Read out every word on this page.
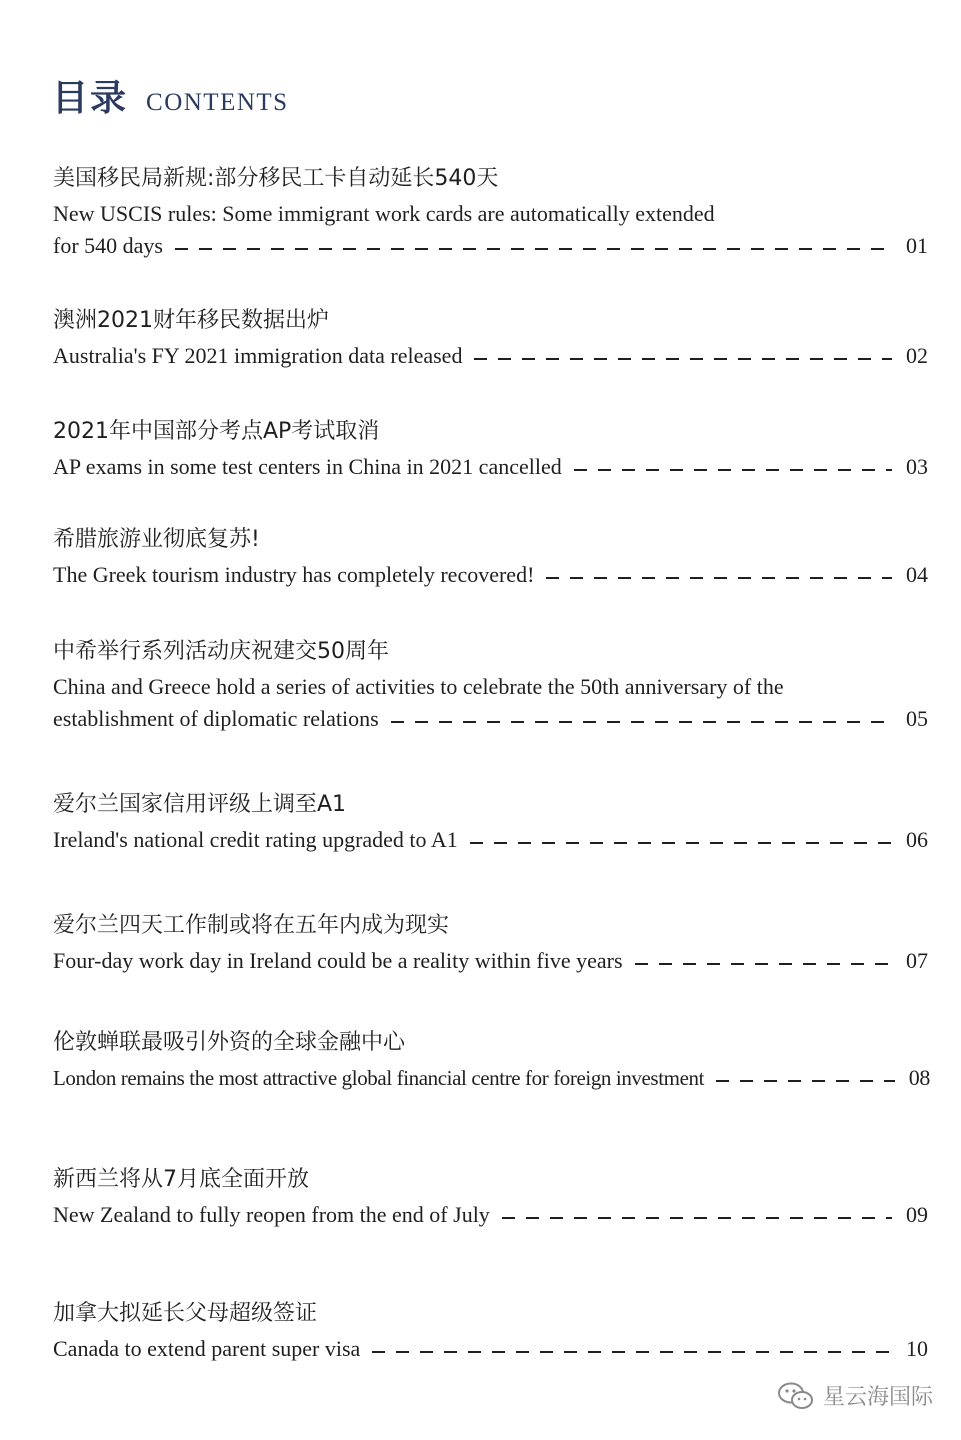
目录 CONTENTS
美国移民局新规:部分移民工卡自动延长540天
New USCIS rules: Some immigrant work cards are automatically extended
for 540 days	01
澳洲2021财年移民数据出炉
Australia's FY 2021 immigration data released	02
2021年中国部分考点AP考试取消
AP exams in some test centers in China in 2021 cancelled	03
希腊旅游业彻底复苏!
The Greek tourism industry has completely recovered!	04
中希举行系列活动庆祝建交50周年
China and Greece hold a series of activities to celebrate the 50th anniversary of the
establishment of diplomatic relations	05
爱尔兰国家信用评级上调至A1
Ireland's national credit rating upgraded to A1	06
爱尔兰四天工作制或将在五年内成为现实
Four-day work day in Ireland could be a reality within five years	07
伦敦蝉联最吸引外资的全球金融中心
London remains the most attractive global financial centre for foreign investment	08
新西兰将从7月底全面开放
New Zealand to fully reopen from the end of July	09
加拿大拟延长父母超级签证
Canada to extend parent super visa	10
星云海国际
